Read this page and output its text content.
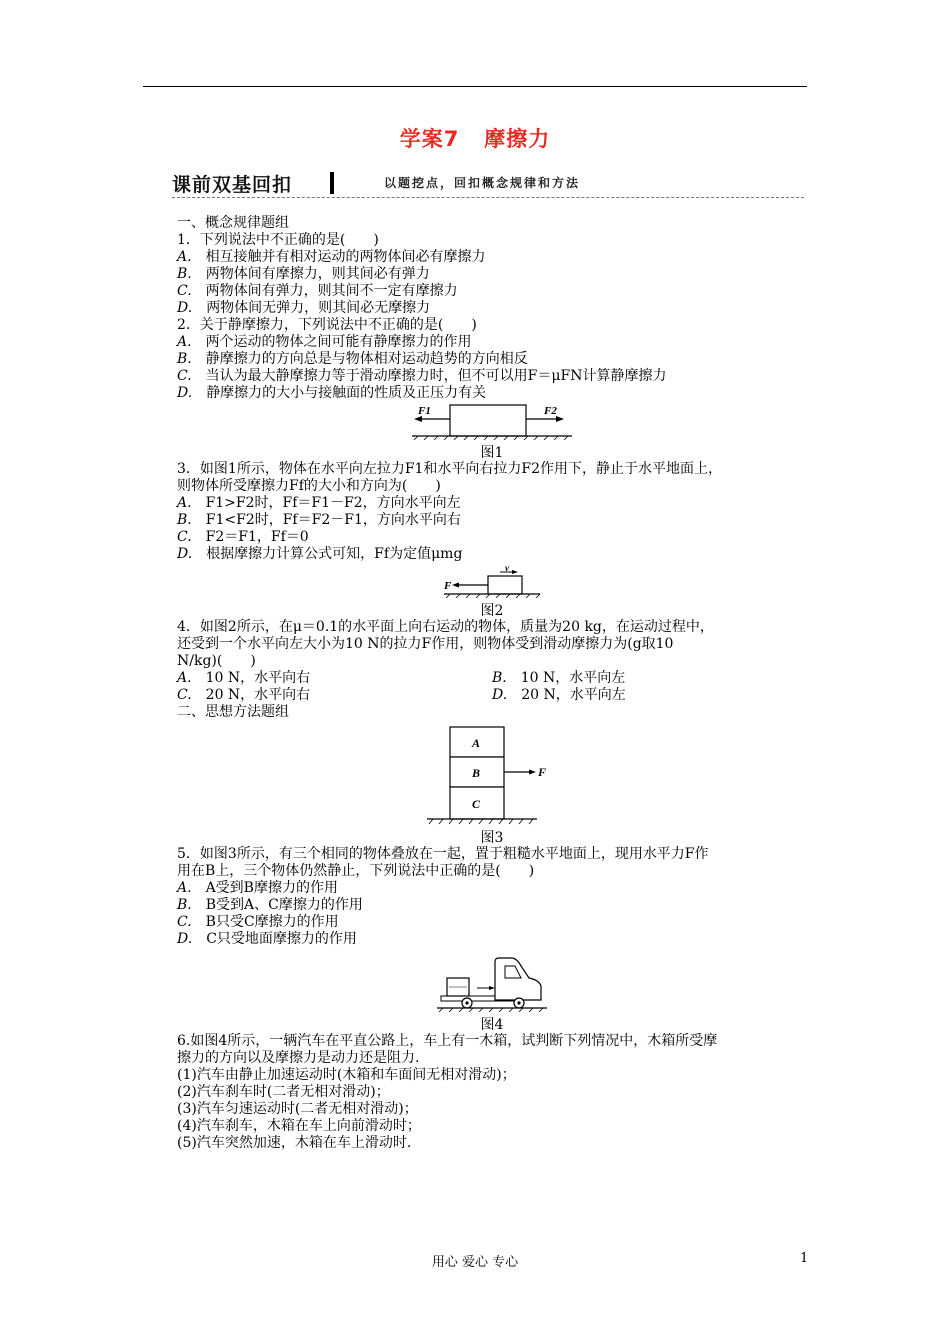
学案7 摩擦力
课前双基回扣	以题挖点，回扣概念规律和方法

一、概念规律题组

1．下列说法中不正确的是(　　)

A.　 相互接触并有相对运动的两物体间必有摩擦力

B.　 两物体间有摩擦力，则其间必有弹力

C.　 两物体间有弹力，则其间不一定有摩擦力

D.　 两物体间无弹力，则其间必无摩擦力

2．关于静摩擦力，下列说法中不正确的是(　　)

A.　 两个运动的物体之间可能有静摩擦力的作用

B.　 静摩擦力的方向总是与物体相对运动趋势的方向相反

C.　 当认为最大静摩擦力等于滑动摩擦力时，但不可以用F＝μFN计算静摩擦力

D.　 静摩擦力的大小与接触面的性质及正压力有关

F1	F2
图1

3．如图1所示，物体在水平向左拉力F1和水平向右拉力F2作用下，静止于水平地面上，

则物体所受摩擦力Ff的大小和方向为(　　)

A.　 F1>F2时，Ff＝F1－F2，方向水平向左

B.　 F1<F2时，Ff＝F2－F1，方向水平向右

C.　 F2＝F1，Ff＝0

D.　 根据摩擦力计算公式可知，Ff为定值μmg

F
v
图2

4．如图2所示，在μ＝0.1的水平面上向右运动的物体，质量为20 kg，在运动过程中，

还受到一个水平向左大小为10 N的拉力F作用，则物体受到滑动摩擦力为(g取10

N/kg)(　　)

A.　 10 N，水平向右	B.　 10 N，水平向左
C.　 20 N，水平向右	D.　 20 N，水平向左

二、思想方法题组

A
B
C
F
图3

5．如图3所示，有三个相同的物体叠放在一起，置于粗糙水平地面上，现用水平力F作

用在B上，三个物体仍然静止，下列说法中正确的是(　　)

A.　 A受到B摩擦力的作用

B.　 B受到A、C摩擦力的作用

C.　 B只受C摩擦力的作用

D.　 C只受地面摩擦力的作用

图4

6.如图4所示，一辆汽车在平直公路上，车上有一木箱，试判断下列情况中，木箱所受摩

擦力的方向以及摩擦力是动力还是阻力.

(1)汽车由静止加速运动时(木箱和车面间无相对滑动)；

(2)汽车刹车时(二者无相对滑动)；

(3)汽车匀速运动时(二者无相对滑动)；

(4)汽车刹车，木箱在车上向前滑动时；

(5)汽车突然加速，木箱在车上滑动时.

用心 爱心 专心	1
